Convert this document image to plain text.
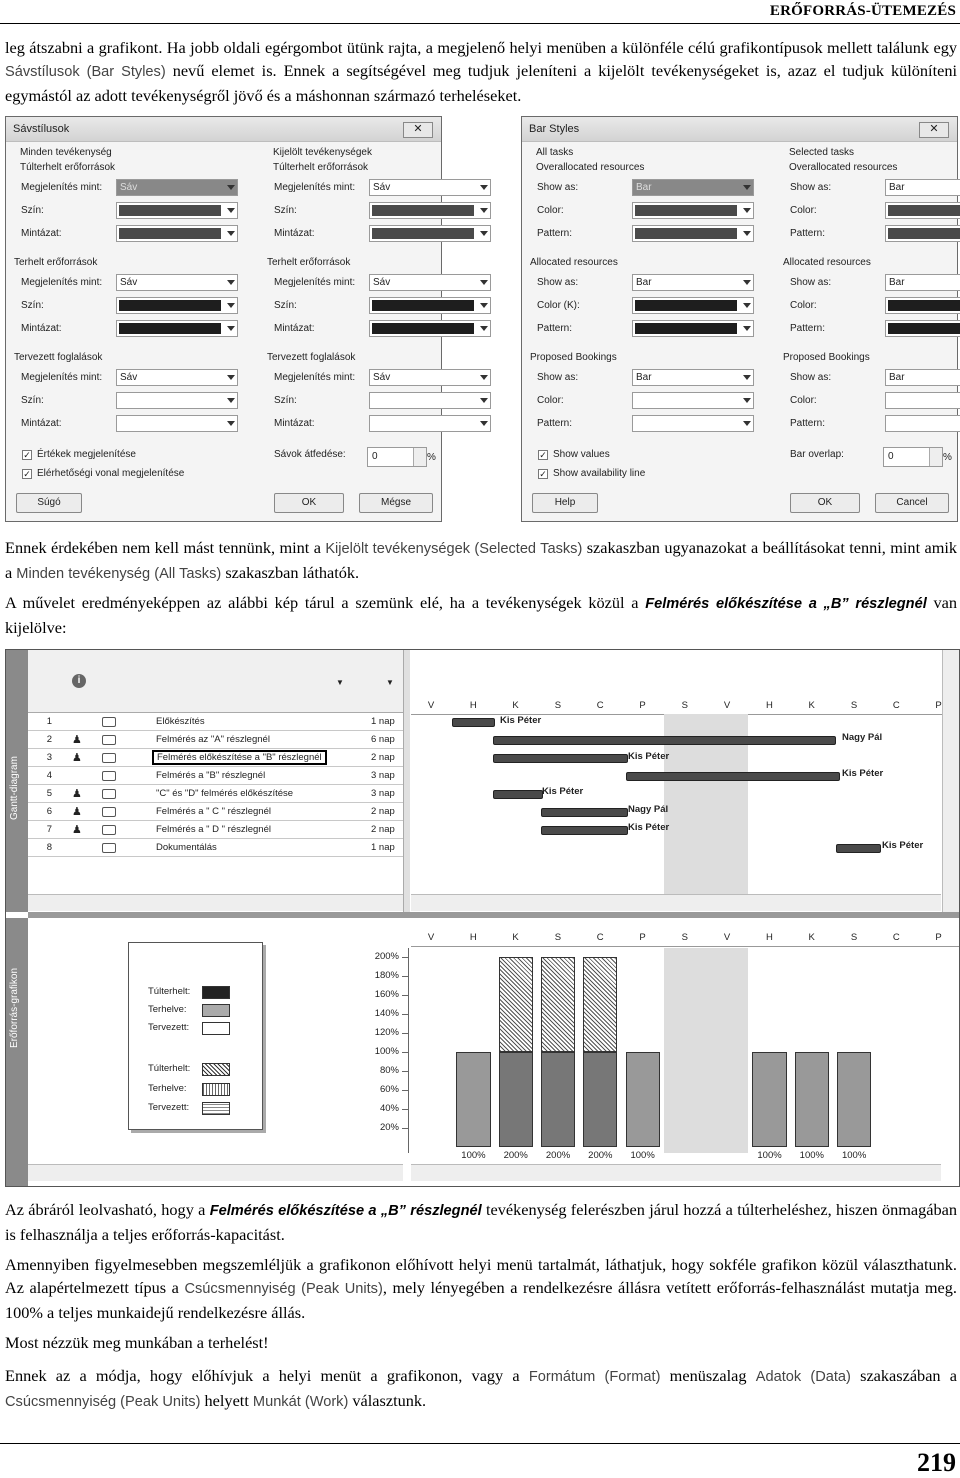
ERŐFORRÁS-ÜTEMEZÉS

leg átszabni a grafikont. Ha jobb oldali egérgombot ütünk rajta, a megjelenő helyi menüben a különféle célú grafikontípusok mellett találunk egy Sávstílusok (Bar Styles) nevű elemet is. Ennek a segítségével meg tudjuk jeleníteni a kijelölt tevékenységeket is, azaz el tudjuk különíteni egymástól az adott tevékenységről jövő és a máshonnan származó terheléseket.

Sávstílusok	✕
Minden tevékenység
Túlterhelt erőforrások
Megjelenítés mint: Sáv
Szín:
Mintázat:
Terhelt erőforrások
Megjelenítés mint: Sáv
Szín:
Mintázat:
Tervezett foglalások
Megjelenítés mint: Sáv
Szín:
Mintázat:
Kijelölt tevékenységek
Túlterhelt erőforrások
Megjelenítés mint: Sáv
Szín:
Mintázat:
Terhelt erőforrások
Megjelenítés mint: Sáv
Szín:
Mintázat:
Tervezett foglalások
Megjelenítés mint: Sáv
Szín:
Mintázat:
✓ Értékek megjelenítése
✓ Elérhetőségi vonal megjelenítése
Sávok átfedése:	0	%
Súgó	OK	Mégse
Bar Styles	✕
All tasks
Overallocated resources
Show as:	Bar
Color:
Pattern:
Allocated resources
Show as:	Bar
Color (K):
Pattern:
Proposed Bookings
Show as:	Bar
Color:
Pattern:
Selected tasks
Overallocated resources
Show as:	Bar
Color:
Pattern:
Allocated resources
Show as:	Bar
Color:
Pattern:
Proposed Bookings
Show as:	Bar
Color:
Pattern:
✓ Show values
✓ Show availability line
Bar overlap:	0	%
Help	OK	Cancel

Ennek érdekében nem kell mást tennünk, mint a Kijelölt tevékenységek (Selected Tasks) szakaszban ugyanazokat a beállításokat tenni, mint amik a Minden tevékenység (All Tasks) szakaszban láthatók.

A művelet eredményeképpen az alábbi kép tárul a szemünk elé, ha a tevékenységek közül a Felmérés előkészítése a „B” részlegnél van kijelölve:

Gantt-diagram
Erőforrás-grafikon
i	▼	▼
V	H	K	S	C	P	S	V	H	K	S	C	P
1	Előkészítés	1 nap
2 ♟	Felmérés az "A" részlegnél	6 nap
3 ♟	Felmérés előkészítése a "B" részlegnél	2 nap
4	Felmérés a "B" részlegnél	3 nap
5 ♟	"C" és "D" felmérés előkészítése	3 nap
6 ♟	Felmérés a " C " részlegnél	2 nap
7 ♟	Felmérés a " D " részlegnél	2 nap
8	Dokumentálás	1 nap
Kis Péter
Nagy Pál
Kis Péter
Kis Péter
Kis Péter
Nagy Pál
Kis Péter
Kis Péter
V	H	K	S	C	P	S	V	H	K	S	C	P
Túlterhelt:
Terhelve:
Tervezett:
Túlterhelt:
Terhelve:
Tervezett:
200%
180%
160%
140%
120%
100%
80%
60%
40%
20%
100%	200%	200%	200%	100%	100%	100%	100%

Az ábráról leolvasható, hogy a Felmérés előkészítése a „B” részlegnél tevékenység felerészben járul hozzá a túlterheléshez, hiszen önmagában is felhasználja a teljes erőforrás-kapacitást.

Amennyiben figyelmesebben megszemléljük a grafikonon előhívott helyi menü tartalmát, láthatjuk, hogy sokféle grafikon közül választhatunk. Az alapértelmezett típus a Csúcsmennyiség (Peak Units), mely lényegében a rendelkezésre állásra vetített erőforrás-felhasználást mutatja meg. 100% a teljes munkaidejű rendelkezésre állás.

Most nézzük meg munkában a terhelést!

Ennek az a módja, hogy előhívjuk a helyi menüt a grafikonon, vagy a Formátum (Format) menüszalag Adatok (Data) szakaszában a Csúcsmennyiség (Peak Units) helyett Munkát (Work) választunk.

219
